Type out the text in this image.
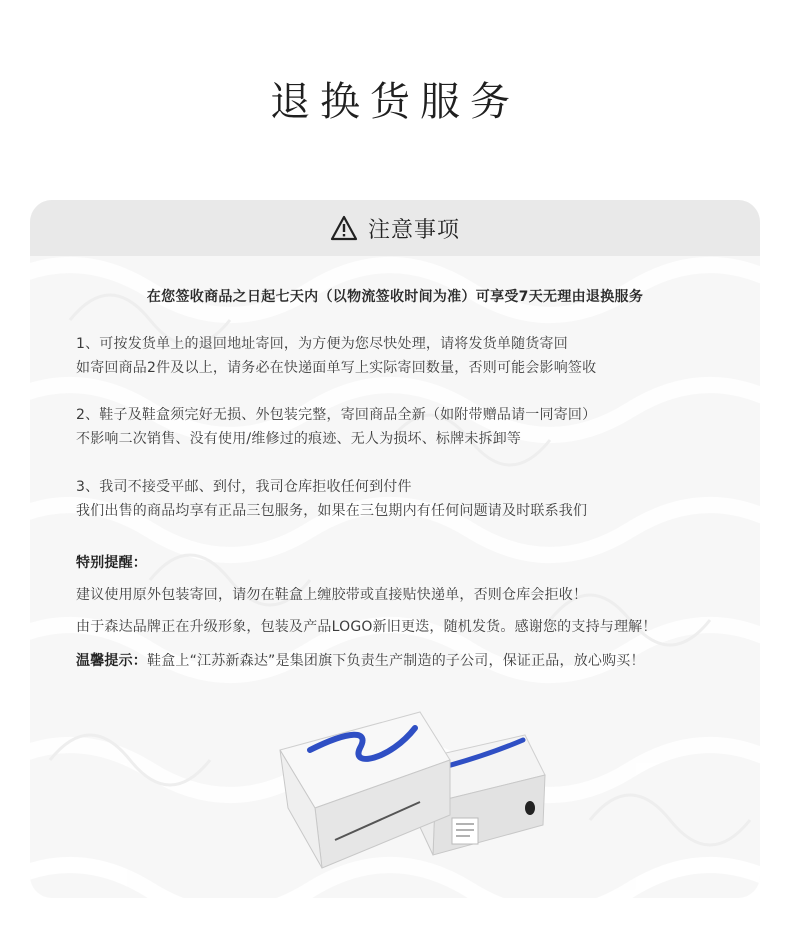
退换货服务
注意事项
在您签收商品之日起七天内（以物流签收时间为准）可享受7天无理由退换服务
1、可按发货单上的退回地址寄回，为方便为您尽快处理，请将发货单随货寄回
如寄回商品2件及以上，请务必在快递面单写上实际寄回数量，否则可能会影响签收
2、鞋子及鞋盒须完好无损、外包装完整，寄回商品全新（如附带赠品请一同寄回）
不影响二次销售、没有使用/维修过的痕迹、无人为损坏、标牌未拆卸等
3、我司不接受平邮、到付，我司仓库拒收任何到付件
我们出售的商品均享有正品三包服务，如果在三包期内有任何问题请及时联系我们
特别提醒：
建议使用原外包装寄回，请勿在鞋盒上缠胶带或直接贴快递单，否则仓库会拒收！
由于森达品牌正在升级形象，包装及产品LOGO新旧更迭，随机发货。感谢您的支持与理解！
温馨提示：鞋盒上“江苏新森达”是集团旗下负责生产制造的子公司，保证正品，放心购买！
